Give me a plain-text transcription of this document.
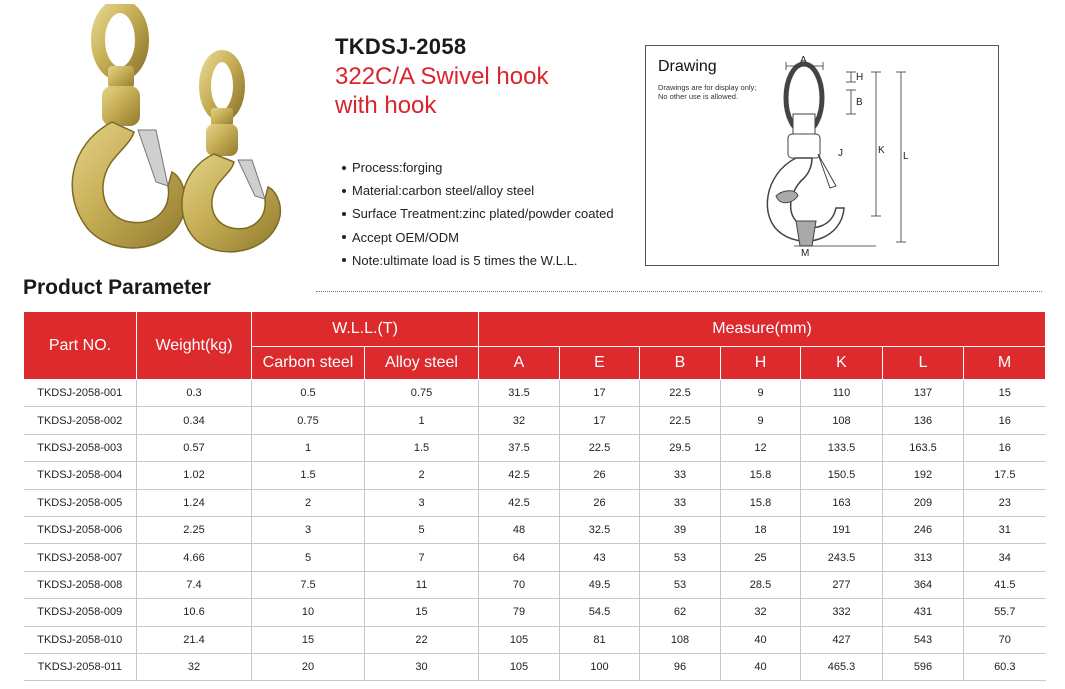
TKDSJ-2058
322C/A Swivel hook
with hook
Process:forging
Material:carbon steel/alloy steel
Surface Treatment:zinc plated/powder coated
Accept OEM/ODM
Note:ultimate load is 5 times the W.L.L.
A
H
B
K
L
J
M
Drawing
Drawings are for display only;
No other use is allowed.
Product Parameter
Part NO.	Weight(kg)	W.L.L.(T)		Measure(mm)						
		Carbon steel	Alloy steel	A	E	B	H	K	L	M
TKDSJ-2058-001	0.3	0.5	0.75	31.5	17	22.5	9	110	137	15
TKDSJ-2058-002	0.34	0.75	1	32	17	22.5	9	108	136	16
TKDSJ-2058-003	0.57	1	1.5	37.5	22.5	29.5	12	133.5	163.5	16
TKDSJ-2058-004	1.02	1.5	2	42.5	26	33	15.8	150.5	192	17.5
TKDSJ-2058-005	1.24	2	3	42.5	26	33	15.8	163	209	23
TKDSJ-2058-006	2.25	3	5	48	32.5	39	18	191	246	31
TKDSJ-2058-007	4.66	5	7	64	43	53	25	243.5	313	34
TKDSJ-2058-008	7.4	7.5	11	70	49.5	53	28.5	277	364	41.5
TKDSJ-2058-009	10.6	10	15	79	54.5	62	32	332	431	55.7
TKDSJ-2058-010	21.4	15	22	105	81	108	40	427	543	70
TKDSJ-2058-011	32	20	30	105	100	96	40	465.3	596	60.3
